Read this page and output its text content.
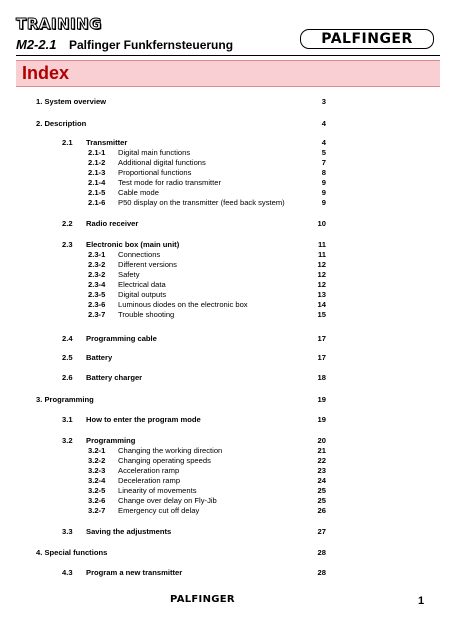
TRAINING
M2-2.1 Palfinger Funkfernsteuerung	PALFINGER
Index
1. System overview	3
2. Description	4
2.1 Transmitter	4
2.1-1 Digital main functions	5
2.1-2 Additional digital functions	7
2.1-3 Proportional functions	8
2.1-4 Test mode for radio transmitter	9
2.1-5 Cable mode	9
2.1-6 P50 display on the transmitter (feed back system)	9
2.2 Radio receiver	10
2.3 Electronic box (main unit)	11
2.3-1 Connections	11
2.3-2 Different versions	12
2.3-2 Safety	12
2.3-4 Electrical data	12
2.3-5 Digital outputs	13
2.3-6 Luminous diodes on the electronic box	14
2.3-7 Trouble shooting	15
2.4 Programming cable	17
2.5 Battery	17
2.6 Battery charger	18
3. Programming	19
3.1 How to enter the program mode	19
3.2 Programming	20
3.2-1 Changing the working direction	21
3.2-2 Changing operating speeds	22
3.2-3 Acceleration ramp	23
3.2-4 Deceleration ramp	24
3.2-5 Linearity of movements	25
3.2-6 Change over delay on Fly-Jib	25
3.2-7 Emergency cut off delay	26
3.3 Saving the adjustments	27
4. Special functions	28
4.3 Program a new transmitter	28
PALFINGER	1
